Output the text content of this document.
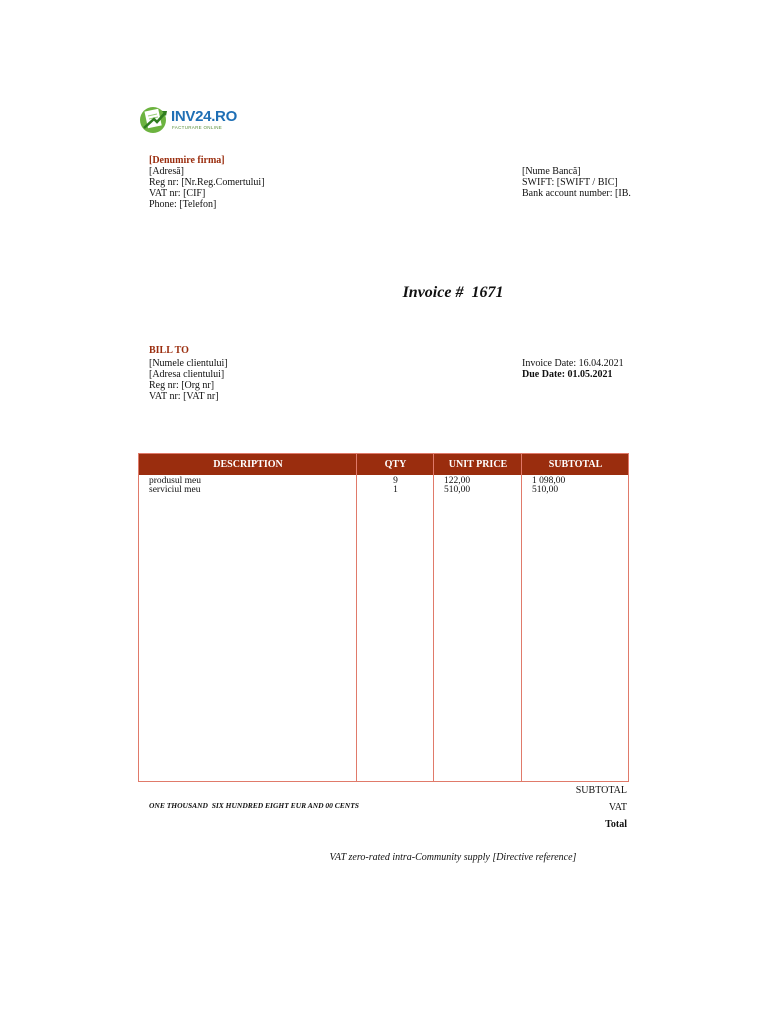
INV24.RO
FACTURARE ONLINE
[Denumire firma]
[Adresă]
Reg nr: [Nr.Reg.Comertului]
VAT nr: [CIF]
Phone: [Telefon]
[Nume Bancă]
SWIFT: [SWIFT / BIC]
Bank account number: [IB.
Invoice #  1671
BILL TO
[Numele clientului]
[Adresa clientului]
Reg nr: [Org nr]
VAT nr: [VAT nr]
Invoice Date: 16.04.2021
Due Date: 01.05.2021
DESCRIPTION	QTY	UNIT PRICE	SUBTOTAL
produsul meu	9	122,00	1 098,00
serviciul meu	1	510,00	510,00
SUBTOTAL
VAT
Total
ONE THOUSAND  SIX HUNDRED EIGHT EUR AND 00 CENTS
VAT zero-rated intra-Community supply [Directive reference]
